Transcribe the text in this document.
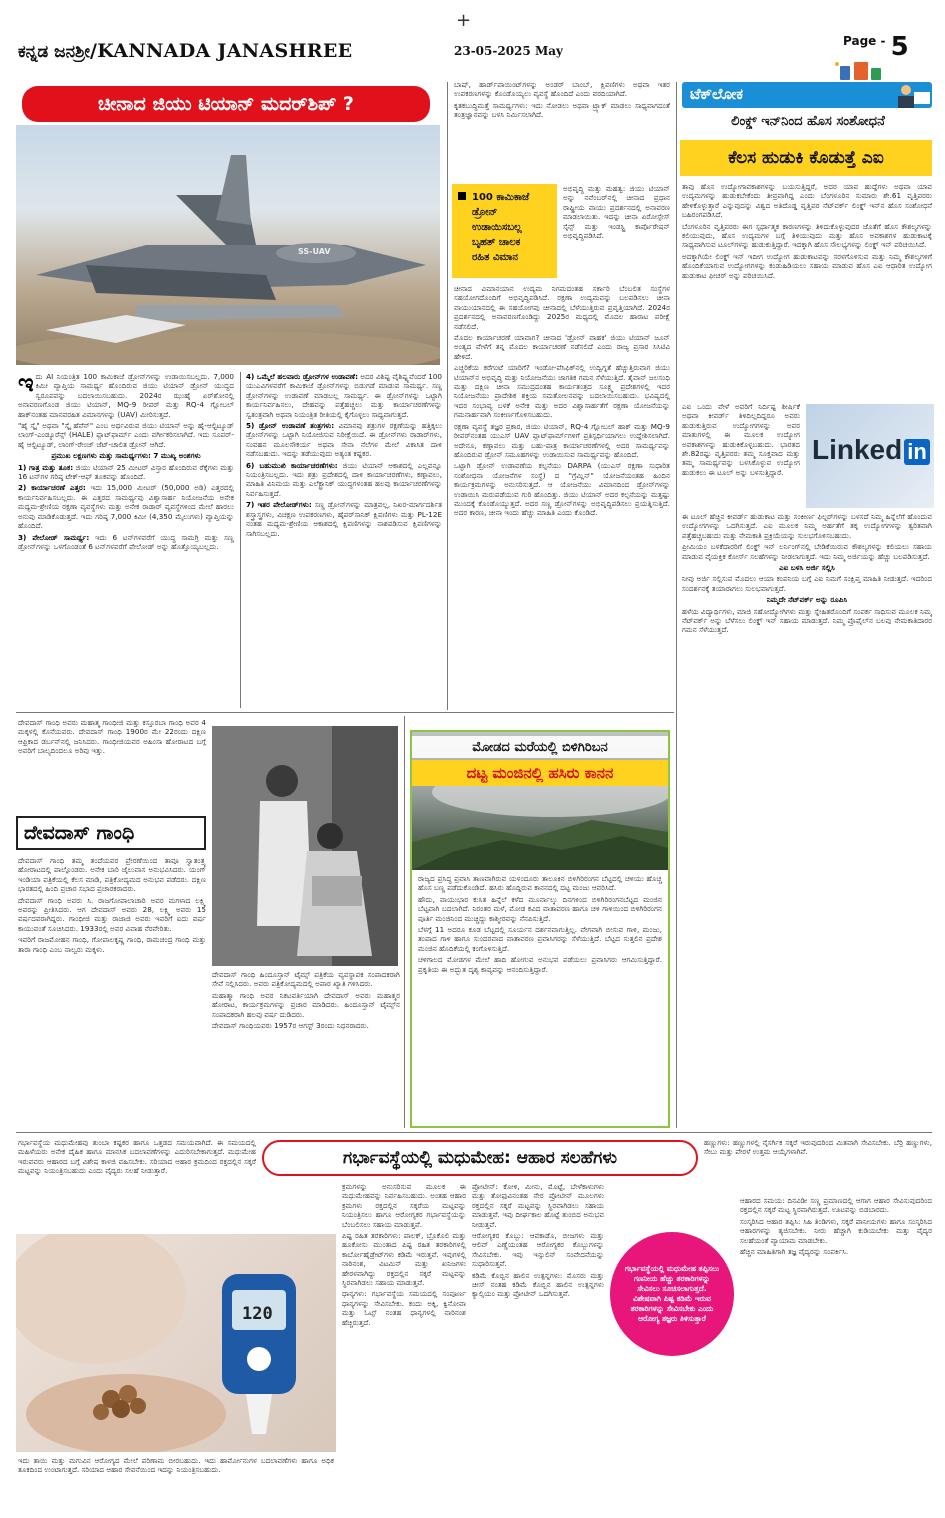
+
ಕನ್ನಡ ಜನಶ್ರೀ/KANNADA JANASHREE	23-05-2025 May
$^{Page -}$ 5
ಚೀನಾದ ಜಿಯು ಟಿಯಾನ್ ಮದರ್‌ಶಿಪ್ ?
SS-UAV

ಇದು AI ನಿಯಂತ್ರಿತ 100 ಕಾಮಿಕಾಜೆ ಡ್ರೋನ್‌ಗಳನ್ನು ಉಡಾಯಿಸಬಲ್ಲದು. 7,000 ಕಿಮೀ ವ್ಯಾಪ್ತಿಯ ಸಾಮರ್ಥ್ಯ ಹೊಂದಿರುವ ಜಿಯು ಟಿಯಾನ್ ಡ್ರೋನ್ ಯುದ್ಧದ ಸ್ವರೂಪವನ್ನು ಬದಲಾಯಿಸಬಹುದು. 2024ರ ಝುಹೈ ಏರ್‌ಶೋನಲ್ಲಿ ಅನಾವರಣಗೊಂಡ ಜಿಯು ಟಿಯಾನ್, MQ-9 ರೀಪರ್ ಮತ್ತು RQ-4 ಗ್ಲೋಬಲ್ ಹಾಕ್‌ನಂತಹ ಮಾನವರಹಿತ ವಿಮಾನಗಳನ್ನು (UAV) ಮೀರಿಸುತ್ತದೆ.

"ಹೈ ಸ್ಕೈ" ಅಥವಾ "ಸ್ಕೈ ಹೆವೆನ್" ಎಂಬ ಅರ್ಥವಿರುವ ಜಿಯು ಟಿಯಾನ್ ಅನ್ನು ಹೈ-ಆಲ್ಟಿಟ್ಯೂಡ್ ಲಾಂಗ್-ಎಂಡ್ಯೂರೆನ್ಸ್ (HALE) ಪ್ಲಾಟ್‌ಫಾರ್ಮ್ ಎಂದು ವರ್ಗೀಕರಿಸಲಾಗಿದೆ. ಇದು ಸೂಪರ್-ಹೈ ಆಲ್ಟಿಟ್ಯೂಡ್, ಲಾಂಗ್-ರೇಂಜ್ ಜೆಟ್-ಚಾಲಿತ ಡ್ರೋನ್ ಆಗಿದೆ.

ಪ್ರಮುಖ ಲಕ್ಷಣಗಳು ಮತ್ತು ಸಾಮರ್ಥ್ಯಗಳು: 7 ಮುಖ್ಯ ಅಂಶಗಳು

1) ಗಾತ್ರ ಮತ್ತು ತೂಕ: ಜಿಯು ಟಿಯಾನ್ 25 ಮೀಟರ್ ವಿಸ್ತಾರ ಹೊಂದಿರುವ ರೆಕ್ಕೆಗಳು ಮತ್ತು 16 ಟನ್‌ಗಳ ಗರಿಷ್ಠ ಟೇಕ್-ಆಫ್ ತೂಕವನ್ನು ಹೊಂದಿದೆ.

2) ಕಾರ್ಯಾಚರಣೆ ಎತ್ತರ: ಇದು 15,000 ಮೀಟರ್ (50,000 ಅಡಿ) ಎತ್ತರದಲ್ಲಿ ಕಾರ್ಯನಿರ್ವಹಿಸಬಲ್ಲದು. ಈ ಎತ್ತರದ ಸಾಮರ್ಥ್ಯವು ವಿಶ್ವಾಸಾರ್ಹ ನಿಯೋಜನೆಯ ಅನೇಕ ಮಧ್ಯಮ-ಶ್ರೇಣಿಯ ರಕ್ಷಣಾ ವ್ಯವಸ್ಥೆಗಳು ಮತ್ತು ಅನೇಕ ರಾಡಾರ್ ವ್ಯವಸ್ಥೆಗಳಿಂದ ಮೇಲೆ ಹಾರಲು ಅನುವು ಮಾಡಿಕೊಡುತ್ತದೆ. ಇದು ಗರಿಷ್ಠ 7,000 ಕಿಮೀ (4,350 ಮೈಲುಗಳು) ವ್ಯಾಪ್ತಿಯನ್ನು ಹೊಂದಿದೆ.

3) ಪೇಲೋಡ್ ಸಾಮರ್ಥ್ಯ: ಇದು 6 ಟನ್‌ಗಳವರೆಗೆ ಯುದ್ಧ ಸಾಮಗ್ರಿ ಮತ್ತು ಸಣ್ಣ ಡ್ರೋನ್‌ಗಳನ್ನು ಒಳಗೊಂಡಂತೆ 6 ಟನ್‌ಗಳವರೆಗೆ ಪೇಲೋಡ್ ಅನ್ನು ಹೊತ್ತೊಯ್ಯಬಲ್ಲದು.

4) ಒಮ್ಮೆಲೆ ಹಲವಾರು ಡ್ರೋನ್‌ಗಳ ಉಡಾವಣೆ: ಅದರ ವಿಶಿಷ್ಟ ವೈಶಿಷ್ಟ್ಯವೆಂದರೆ 100 ಯುಎವಿಗಳವರೆಗೆ ಕಾಮಿಕಾಜೆ ಡ್ರೋನ್‌ಗಳನ್ನು ಬಿಡುಗಡೆ ಮಾಡುವ ಸಾಮರ್ಥ್ಯ. ಸಣ್ಣ ಡ್ರೋನ್‌ಗಳನ್ನು ಉಡಾವಣೆ ಮಾಡಬಲ್ಲ ಸಾಮರ್ಥ್ಯ. ಈ ಡ್ರೋನ್‌ಗಳನ್ನು ಒಟ್ಟಾಗಿ ಕಾರ್ಯನಿರ್ವಹಿಸಲು, ದೇಹವನ್ನು ಪತ್ತೆಹಚ್ಚಲು ಮತ್ತು ಕಾರ್ಯಾಚರಣೆಗಳನ್ನು ಸ್ವತಂತ್ರವಾಗಿ ಅಥವಾ ನಿಯಂತ್ರಿತ ರೀತಿಯಲ್ಲಿ ಕೈಗೊಳ್ಳಲು ಸಾಧ್ಯವಾಗುತ್ತದೆ.

5) ಡ್ರೋನ್ ಉಡಾವಣೆ ತಂತ್ರಗಳು: ವಿಮಾನವು ಶತ್ರುಗಳ ರಕ್ಷಣೆಯನ್ನು ಹತ್ತಿಕ್ಕಲು ಡ್ರೋನ್‌ಗಳನ್ನು ಒಟ್ಟಾಗಿ ನಿಯೋಜಿಸುವ ನಿರೀಕ್ಷೆಯಿದೆ. ಈ ಡ್ರೋನ್‌ಗಳು ರಾಡಾರ್‌ಗಳು, ಸಂವಹನ ಮೂಲಸೌಕರ್ಯ ಅಥವಾ ಸೇನಾ ನೆಲೆಗಳ ಮೇಲೆ ವಿಕಾಸಿತ ದಾಳಿ ನಡೆಸಬಹುದು. ಇದನ್ನು ತಡೆಯುವುದು ಅತ್ಯಂತ ಕಷ್ಟಕರ.

6) ಬಹುಮುಖಿ ಕಾರ್ಯಾಚರಣೆಗಳು: ಜಿಯು ಟಿಯಾನ್ ಆಕಾಶದಲ್ಲಿ ಎಲ್ಲವನ್ನೂ ನಿಯಂತ್ರಿಸಬಲ್ಲದು. ಇದು ಶತ್ರು ಪ್ರದೇಶದಲ್ಲಿ ದಾಳಿ ಕಾರ್ಯಾಚರಣೆಗಳು, ಕಣ್ಗಾವಲು, ಮಾಹಿತಿ ವಿನಿಮಯ ಮತ್ತು ಎಲೆಕ್ಟ್ರಾನಿಕ್ ಯುದ್ಧಗಳಂತಹ ಹಲವು ಕಾರ್ಯಾಚರಣೆಗಳನ್ನು ನಿರ್ವಹಿಸುತ್ತದೆ.

7) ಇತರ ಪೇಲೋಡ್‌ಗಳು: ಸಣ್ಣ ಡ್ರೋನ್‌ಗಳನ್ನು ಮಾತ್ರವಲ್ಲ, ನಿಖರ-ಮಾರ್ಗದರ್ಶಿತ ಶಸ್ತ್ರಾಸ್ತ್ರಗಳು, ವಿಚಕ್ಷಣ ಉಪಕರಣಗಳು, ಹೈಪರ್‌ಸಾನಿಕ್ ಕ್ಷಿಪಣಿಗಳು ಮತ್ತು PL-12E ನಂತಹ ಮಧ್ಯಮ-ಶ್ರೇಣಿಯ ಆಕಾಶದಲ್ಲಿ ಕ್ಷಿಪಣಿಗಳನ್ನು ನಾಶಪಡಿಸುವ ಕ್ಷಿಪಣಿಗಳನ್ನು ಸಾಗಿಸಬಲ್ಲದು.

ಬಾಷ್, ಹಾರ್ಡ್‌ಪಾಯಿಂಟ್‌ಗಳನ್ನು ಅಂಡರ್ ಬಾಂಬ್, ಕ್ಷಿಪಣಿಗಳು ಅಥವಾ ಇತರ ಉಪಕರಣಗಳನ್ನು ಕೊಂಡೊಯ್ಯಲು ವ್ಯವಸ್ಥೆ ಹೊಂದಿದೆ ಎಂದು ವರದಿಯಾಗಿದೆ.

ಕೃತಕಬುದ್ಧಿಮತ್ತೆ ಸಾಮರ್ಥ್ಯಗಳು: ಇದು ನೋಡಲು ಅಥವಾ ಟ್ರ್ಯಾಕ್ ಮಾಡಲು ಸಾಧ್ಯವಾಗದಂತೆ ತಂತ್ರಜ್ಞಾನವನ್ನು ಬಳಸಿ ನಿರ್ಮಿಸಲಾಗಿದೆ.

100 ಕಾಮಿಕಾಜೆ
ಡ್ರೋನ್
ಉಡಾಯಿಸಬಲ್ಲ
ಬೃಹತ್ ಚಾಲಕ
ರಹಿತ ವಿಮಾನ

ಅಭಿವೃದ್ಧಿ ಮತ್ತು ಮಹತ್ವ: ಜಿಯು ಟಿಯಾನ್ ಅನ್ನು ನವೆಂಬರ್‌ನಲ್ಲಿ ಚೀನಾದ ಪ್ರಧಾನ ರಾಷ್ಟ್ರೀಯ ವಾಯು ಪ್ರದರ್ಶನದಲ್ಲಿ ಅನಾವರಣ ಮಾಡಲಾಯಿತು. ಇದನ್ನು ಚೀನಾ ಏರೋಸ್ಪೇಸ್ ಸೈನ್ಸ್ ಮತ್ತು ಇಂಡಸ್ಟ್ರಿ ಕಾರ್ಪೊರೇಷನ್ ಅಭಿವೃದ್ಧಿಪಡಿಸಿದೆ.

ಚೀನಾದ ವಿಮಾನಯಾನ ಉದ್ಯಮ ನಿಗಮದಂತಹ ಸರ್ಕಾರಿ ಬೆಂಬಲಿತ ಸಂಸ್ಥೆಗಳ ಸಹಯೋಗದೊಂದಿಗೆ ಅಭಿವೃದ್ಧಿಪಡಿಸಿದೆ. ರಕ್ಷಣಾ ಉದ್ಯಮವನ್ನು ಬಲಪಡಿಸಲು ಚೀನಾ ವಾಯುಯಾನದಲ್ಲಿ ಈ ಸಹಯೋಗವು ಚೀನಾದಲ್ಲಿ ಬೆಳೆಯುತ್ತಿರುವ ಪ್ರವೃತ್ತಿಯಾಗಿದೆ. 2024ರ ಪ್ರದರ್ಶನದಲ್ಲಿ ಅನಾವರಣಗೊಂಡಿದ್ದು 2025ರ ಮಧ್ಯದಲ್ಲಿ ಮೊದಲ ಹಾರಾಟ ಪರೀಕ್ಷೆ ನಡೆಸಲಿದೆ.

ಮೊದಲ ಕಾರ್ಯಾಚರಣೆ ಯಾವಾಗ? ಚೀನಾದ 'ಡ್ರೋನ್ ವಾಹಕ' ಜಿಯು ಟಿಯಾನ್ ಜೂನ್ ಅಂತ್ಯದ ವೇಳೆಗೆ ತನ್ನ ಮೊದಲ ಕಾರ್ಯಾಚರಣೆ ನಡೆಸಲಿದೆ ಎಂದು ರಾಜ್ಯ ಪ್ರಸಾರ ಸಿಸಿಟಿವಿ ಹೇಳಿದೆ.

ಎಚ್ಚರಿಕೆಯ ಕರೆಗಂಟೆ ಯಾರಿಗೆ? ಇಂಡೋ-ಪೆಸಿಫಿಕ್‌ನಲ್ಲಿ ಉದ್ವಿಗ್ನತೆ ಹೆಚ್ಚುತ್ತಿರುವಾಗ ಜಿಯು ಟಿಯಾನ್‌ನ ಅಭಿವೃದ್ಧಿ ಮತ್ತು ನಿಯೋಜನೆಯು ಜಾಗತಿಕ ಗಮನ ಸೆಳೆಯುತ್ತಿದೆ. ತೈವಾನ್ ಜಲಸಂಧಿ ಮತ್ತು ದಕ್ಷಿಣ ಚೀನಾ ಸಮುದ್ರದಂತಹ ಕಾರ್ಯತಂತ್ರದ ಸೂಕ್ಷ್ಮ ಪ್ರದೇಶಗಳಲ್ಲಿ ಇದರ ನಿಯೋಜನೆಯು ಪ್ರಾದೇಶಿಕ ಶಕ್ತಿಯ ಸಮತೋಲನವನ್ನು ಬದಲಾಯಿಸಬಹುದು. ಭವಿಷ್ಯದಲ್ಲಿ ಇದರ ಸಂಭಾವ್ಯ ಬಳಕೆ ಅನೇಕ ಮತ್ತು ಅದರ ವಿಶ್ವಾಸಾರ್ಹತೆಗೆ ರಕ್ಷಣಾ ಯೋಜನೆಯನ್ನು ಗಮನಾರ್ಹವಾಗಿ ಸಂಕೀರ್ಣಗೊಳಿಸಬಹುದು.

ರಕ್ಷಣಾ ವ್ಯವಸ್ಥೆ ತಜ್ಞರ ಪ್ರಕಾರ, ಜಿಯು ಟಿಯಾನ್, RQ-4 ಗ್ಲೋಬಲ್ ಹಾಕ್ ಮತ್ತು MQ-9 ರೀಪರ್‌ನಂತಹ ಯುಎಸ್ UAV ಪ್ಲಾಟ್‌ಫಾರ್ಮ್‌ಗಳಿಗೆ ಪ್ರತಿಸ್ಪರ್ಧಿಯಾಗಲು ಉದ್ದೇಶಿಸಲಾಗಿದೆ. ಅದೇನೂ, ಕಣ್ಗಾವಲು ಮತ್ತು ಬಹು-ಪಾತ್ರ ಕಾರ್ಯಾಚರಣೆಗಳಲ್ಲಿ ಅದರ ಸಾಮರ್ಥ್ಯವನ್ನು ಹೊಂದಿರುವ ಡ್ರೋನ್ ಸಮೂಹಗಳನ್ನು ಉಡಾಯಿಸುವ ಸಾಮರ್ಥ್ಯವನ್ನು ಹೊಂದಿದೆ.

ಒಟ್ಟಾಗಿ ಡ್ರೋನ್ ಉಡಾವಣೆಯ ಕಲ್ಪನೆಯು DARPA (ಯುಎಸ್ ರಕ್ಷಣಾ ಸುಧಾರಿತ ಸಂಶೋಧನಾ ಯೋಜನೆಗಳ ಸಂಸ್ಥೆ) ದ "ಗ್ರೆಮ್ಲಿನ್" ಯೋಜನೆಯಂತಹ ಹಿಂದಿನ ಕಾರ್ಯಕ್ರಮಗಳನ್ನು ಅನುಸರಿಸುತ್ತದೆ. ಆ ಯೋಜನೆಯು ವಿಮಾನದಿಂದ ಡ್ರೋನ್‌ಗಳನ್ನು ಉಡಾಯಿಸಿ ಮರುಪಡೆಯುವ ಗುರಿ ಹೊಂದಿತ್ತು. ಜಿಯು ಟಿಯಾನ್ ಅದರ ಕಲ್ಪನೆಯನ್ನು ಮತ್ತಷ್ಟು ಮುಂದಕ್ಕೆ ಕೊಂಡೊಯ್ಯುತ್ತದೆ. ಅದರ ಸಣ್ಣ ಡ್ರೋನ್‌ಗಳನ್ನು ಅಭಿವೃದ್ಧಿಪಡಿಸಲು ಪ್ರಯತ್ನಿಸುತ್ತಿದೆ. ಅದರ ಕಾರಣ, ಚೀನಾ ಇಂದು ಹೆಚ್ಚು ಮಾಹಿತಿ ಎಂದು ಕೊಂಡಿದೆ.

ಟೆಕ್‌ಲೋಕ
ಲಿಂಕ್ಡ್ ಇನ್‌ನಿಂದ ಹೊಸ ಸಂಶೋಧನೆ
ಕೆಲಸ ಹುಡುಕಿ ಕೊಡುತ್ತೆ ಎಐ

ತಾವು ಹೊಸ ಉದ್ಯೋಗಾವಕಾಶಗಳನ್ನು ಬಯಸುತ್ತಿದ್ದರೆ, ಅದರ ಯಾವ ಹುದ್ದೆಗಳು ಅಥವಾ ಯಾವ ಉದ್ಯಮಗಳನ್ನು ಹುಡುಕಬೇಕೆಂದು ತೀವ್ರವಾಗಿದ್ದ ಎಂದು ಬೆಂಗಳೂರಿನ ಸುಮಾರು ಶೇ.61 ವೃತ್ತಿಪರರು ಹೇಳಿಕೊಳ್ಳುತ್ತಾರೆ ಎನ್ನುವುದನ್ನು ವಿಶ್ವದ ಅತಿದೊಡ್ಡ ವೃತ್ತಿಪರ ನೆಟ್‌ವರ್ಕ್ ಲಿಂಕ್ಡ್ ಇನ್‌ನ ಹೊಸ ಸಂಶೋಧನೆ ಬಹಿರಂಗಪಡಿಸಿದೆ.

ಬೆಂಗಳೂರಿನ ವೃತ್ತಿಪರರು ಈಗ ಸ್ಪರ್ಧಾತ್ಮಕ ಕಾರಣಗಳನ್ನು ತಿಳಿದುಕೊಳ್ಳುವುದರ ಜೊತೆಗೆ ಹೊಸ ಕೌಶಲ್ಯಗಳನ್ನು ಕಲಿಯುವುದು, ಹೊಸ ಉದ್ಯಮಗಳ ಬಗ್ಗೆ ತಿಳಿಯುವುದು ಮತ್ತು ಹೊಸ ಅವಕಾಶಗಳ ಹುಡುಕಾಟಕ್ಕೆ ಸಾಧ್ಯವಾಗಿಸುವ ಟೂಲ್‌ಗಳನ್ನು ಹುಡುಕುತ್ತಿದ್ದಾರೆ. ಇದಕ್ಕಾಗಿ ಹೊಸ ಸೌಲಭ್ಯಗಳನ್ನು ಲಿಂಕ್ಡ್ ಇನ್ ಪರಿಚಯಿಸಿದೆ.

ಅದಕ್ಕಾಗಿಯೇ ಲಿಂಕ್ಡ್ ಇನ್ ಇದೀಗ ಉದ್ಯೋಗ ಹುಡುಕಾಟವನ್ನು ಸರಳಗೊಳಿಸುವ ಮತ್ತು ನಿಮ್ಮ ಕೌಶಲ್ಯಗಳಿಗೆ ಹೊಂದಿಕೆಯಾಗುವ ಉದ್ಯೋಗಗಳನ್ನು ಕಂಡುಹಿಡಿಯಲು ಸಹಾಯ ಮಾಡುವ ಹೊಸ ಎಐ ಆಧಾರಿತ ಉದ್ಯೋಗ ಹುಡುಕಾಟ ಫೀಚರ್ ಅನ್ನು ಪರಿಚಯಿಸಿದೆ.

ಎಐ ಒಂದು ವೇಳೆ ಅವರಿಗೆ ನಿರ್ದಿಷ್ಟ ಶೀರ್ಷಿಕೆ ಅಥವಾ ಕೀವರ್ಡ್ ತಿಳಿದಿಲ್ಲದಿದ್ದರೂ ಅವರು ಹುಡುಕುತ್ತಿರುವ ಉದ್ಯೋಗಗಳನ್ನು ಅವರ ಮಾತುಗಳಲ್ಲಿ ಈ ಮೂಲಕ ಉದ್ಯೋಗ ಅವಕಾಶಗಳನ್ನು ಹುಡುಕಿಕೊಳ್ಳಬಹುದು. ಭಾರತದ ಶೇ.82ರಷ್ಟು ವೃತ್ತಿಪರರು ತಮ್ಮ ಸೂಕ್ತವಾದ ಮತ್ತು ತಮ್ಮ ಸಾಮರ್ಥ್ಯವನ್ನು ಬಳಸಿಕೊಳ್ಳುವ ಉದ್ಯೋಗ ಹುಡುಕಲು ಈ ಟೂಲ್ ಅನ್ನು ಬಳಸುತ್ತಿದ್ದಾರೆ.

Linked in

ಈ ಟೂಲ್ ಹೆಚ್ಚಿನ ಕೀವರ್ಡ್ ಹುಡುಕಾಟ ಮತ್ತು ಸಂಕೀರ್ಣ ಫಿಲ್ಟರ್‌ಗಳನ್ನು ಬಳಸದೆ ನಿಮ್ಮ ಹಿನ್ನೆಲೆಗೆ ಹೊಂದುವ ಉದ್ಯೋಗಗಳನ್ನು ಒದಗಿಸುತ್ತದೆ. ಎಐ ಮೂಲಕ ನಿಮ್ಮ ಅರ್ಹತೆಗೆ ತಕ್ಕ ಉದ್ಯೋಗಗಳನ್ನು ತ್ವರಿತವಾಗಿ ಪತ್ತೆಹಚ್ಚಬಹುದು ಮತ್ತು ನೇಮಕಾತಿ ಪ್ರಕ್ರಿಯೆಯನ್ನು ಸುಲಭಗೊಳಿಸಬಹುದು.

ಪ್ರೀಮಿಯಂ ಬಳಕೆದಾರರಿಗೆ ಲಿಂಕ್ಡ್ ಇನ್ ಲರ್ನಿಂಗ್‌ನಲ್ಲಿ ಬೇಡಿಕೆಯಿರುವ ಕೌಶಲ್ಯಗಳನ್ನು ಕಲಿಯಲು ಸಹಾಯ ಮಾಡುವ ವೈಯಕ್ತಿಕ ಕೋರ್ಸ್ ಸಲಹೆಗಳನ್ನು ನೀಡಲಾಗುತ್ತದೆ. ಇದು ನಿಮ್ಮ ಅರ್ಜಿಯನ್ನು ಹೆಚ್ಚು ಬಲಪಡಿಸುತ್ತದೆ.

ಎಐ ಬಳಸಿ ಅರ್ಜಿ ಸಲ್ಲಿಸಿ

ನೀವು ಅರ್ಜಿ ಸಲ್ಲಿಸುವ ಮೊದಲು ಆಯಾ ಕಂಪನಿಯ ಬಗ್ಗೆ ಎಐ ನಿಮಗೆ ಸಂಕ್ಷಿಪ್ತ ಮಾಹಿತಿ ನೀಡುತ್ತದೆ. ಇದರಿಂದ ಸಂದರ್ಶನಕ್ಕೆ ತಯಾರಾಗಲು ಸುಲಭವಾಗುತ್ತದೆ.

ನಿಮ್ಮದೇ ನೆಟ್‌ವರ್ಕ್ ಅನ್ನು ರೂಪಿಸಿ

ಹಳೆಯ ವಿದ್ಯಾರ್ಥಿಗಳು, ಮಾಜಿ ಸಹೋದ್ಯೋಗಿಗಳು ಮತ್ತು ಸ್ನೇಹಿತರೊಂದಿಗೆ ಸಂಪರ್ಕ ಸಾಧಿಸುವ ಮೂಲಕ ನಿಮ್ಮ ನೆಟ್‌ವರ್ಕ್ ಅನ್ನು ಬೆಳೆಸಲು ಲಿಂಕ್ಡ್ ಇನ್ ಸಹಾಯ ಮಾಡುತ್ತದೆ. ನಿಮ್ಮ ಪ್ರೊಫೈಲ್‌ನ ಬಲವು ನೇಮಕಾತಿದಾರರ ಗಮನ ಸೆಳೆಯುತ್ತದೆ.

ದೇವದಾಸ್ ಗಾಂಧಿ ಅವರು ಮಹಾತ್ಮ ಗಾಂಧೀಜಿ ಮತ್ತು ಕಸ್ತೂರಬಾ ಗಾಂಧಿ ಅವರ 4 ಮಕ್ಕಳಲ್ಲಿ ಕೊನೆಯವರು. ದೇವದಾಸ್ ಗಾಂಧಿ 1900ರ ಮೇ 22ರಂದು ದಕ್ಷಿಣ ಆಫ್ರಿಕಾದ ಡರ್ಬನ್‌ನಲ್ಲಿ ಜನಿಸಿದರು. ಗಾಂಧೀಜಿಯವರ ಅಹಿಂಸಾ ಹೋರಾಟದ ಬಗ್ಗೆ ಅವರಿಗೆ ಬಾಲ್ಯದಿಂದಲೂ ಅರಿವು ಇತ್ತು.

ದೇವದಾಸ್ ಗಾಂಧಿ

ದೇವದಾಸ್ ಗಾಂಧಿ ತಮ್ಮ ತಂದೆಯವರ ಪ್ರೇರಣೆಯಿಂದ ತಾವೂ ಸ್ವಾತಂತ್ರ್ಯ ಹೋರಾಟದಲ್ಲಿ ಪಾಲ್ಗೊಂಡರು. ಅನೇಕ ಬಾರಿ ಜೈಲುವಾಸ ಅನುಭವಿಸಿದರು. ಯಂಗ್ ಇಂಡಿಯಾ ಪತ್ರಿಕೆಯಲ್ಲಿ ಕೆಲಸ ಮಾಡಿ, ಪತ್ರಿಕೋದ್ಯಮದ ಅನುಭವ ಪಡೆದರು. ದಕ್ಷಿಣ ಭಾರತದಲ್ಲಿ ಹಿಂದಿ ಪ್ರಚಾರ ಸಭಾದ ಪ್ರಚಾರಕರಾದರು.

ದೇವದಾಸ್ ಗಾಂಧಿ ಅವರು ಸಿ. ರಾಜಗೋಪಾಲಾಚಾರಿ ಅವರ ಮಗಳಾದ ಲಕ್ಷ್ಮಿ ಅವರನ್ನು ಪ್ರೀತಿಸಿದರು. ಆಗ ದೇವದಾಸ್ ಅವರು 28, ಲಕ್ಷ್ಮಿ ಅವರು 15 ವರ್ಷದವರಾಗಿದ್ದರು. ಗಾಂಧೀಜಿ ಮತ್ತು ರಾಜಾಜಿ ಅವರು ಇವರಿಗೆ ಐದು ವರ್ಷ ಕಾಯುವಂತೆ ಸೂಚಿಸಿದರು. 1933ರಲ್ಲಿ ಅವರ ವಿವಾಹ ನೆರವೇರಿತು.

ಇವರಿಗೆ ರಾಜಮೋಹನ ಗಾಂಧಿ, ಗೋಪಾಲಕೃಷ್ಣ ಗಾಂಧಿ, ರಾಮಚಂದ್ರ ಗಾಂಧಿ ಮತ್ತು ತಾರಾ ಗಾಂಧಿ ಎಂಬ ನಾಲ್ವರು ಮಕ್ಕಳು.

ದೇವದಾಸ್ ಗಾಂಧಿ ಹಿಂದೂಸ್ತಾನ್ ಟೈಮ್ಸ್ ಪತ್ರಿಕೆಯ ವ್ಯವಸ್ಥಾಪಕ ಸಂಪಾದಕರಾಗಿ ಸೇವೆ ಸಲ್ಲಿಸಿದರು. ಅವರು ಪತ್ರಿಕೋದ್ಯಮದಲ್ಲಿ ಅಪಾರ ಖ್ಯಾತಿ ಗಳಿಸಿದರು.

ಮಹಾತ್ಮಾ ಗಾಂಧಿ ಅವರ ನಿಕಟವರ್ತಿಯಾಗಿ ದೇವದಾಸ್ ಅವರು ಮಹಾತ್ಮರ ಹೋರಾಟ, ಕಾರ್ಯಕ್ರಮಗಳನ್ನು ಪ್ರಚಾರ ಮಾಡಿದರು. ಹಿಂದೂಸ್ತಾನ್ ಟೈಮ್ಸ್‌ನ ಸಂಪಾದಕರಾಗಿ ಹಲವು ವರ್ಷ ದುಡಿದರು.

ದೇವದಾಸ್ ಗಾಂಧಿಯವರು 1957ರ ಆಗಸ್ಟ್ 3ರಂದು ನಿಧನರಾದರು.

ಮೋಡದ ಮರೆಯಲ್ಲಿ ಬಿಳಿಗಿರಿಬನ
ದಟ್ಟ ಮಂಜಿನಲ್ಲಿ ಹಸಿರು ಕಾನನ

ರಾಜ್ಯದ ಪ್ರಸಿದ್ಧ ಪ್ರವಾಸಿ ತಾಣವಾಗಿರುವ ಯಳಂದೂರು ತಾಲೂಕಿನ ಬಿಳಿಗಿರಿರಂಗನ ಬೆಟ್ಟದಲ್ಲಿ ಚಳಿಯು ಹೊಚ್ಚ ಹೊಸ ಬಣ್ಣ ಪಡೆದುಕೊಂಡಿದೆ. ಹಸಿರು ಹೊದ್ದಿರುವ ಕಾನನದಲ್ಲಿ ದಟ್ಟ ಮಂಜು ಆವರಿಸಿದೆ.

ಹೌದು, ವಾಯುಭಾರ ಕುಸಿತ ಹಿನ್ನೆಲೆ ಕಳೆದ ಮೂರ್ನಾಲ್ಕು ದಿನಗಳಿಂದ ಬಿಳಿಗಿರಿರಂಗನಬೆಟ್ಟದ ಮಂಜಿನ ಬೆಟ್ಟವಾಗಿ ಬದಲಾಗಿದೆ. ನಿರಂತರ ಮಳೆ, ಮೋಡ ಕವಿದ ವಾತಾವರಣ ಹಾಗೂ ಚಳಿ ಗಾಳಿಯಿಂದ ಬಿಳಿಗಿರಿರಂಗನ ಪೂರ್ತಿ ಮಂಜಿನಿಂದ ಮುಚ್ಚಿದ್ದು ಕಾಶ್ಮೀರವನ್ನು ನೆನಪಿಸುತ್ತಿದೆ.

ಬೆಳಗ್ಗೆ 11 ಅದರೂ ಕೂಡ ಬೆಟ್ಟದಲ್ಲಿ ಸೂರ್ಯನ ದರ್ಶನವಾಗುತ್ತಿಲ್ಲ. ವೇಗವಾಗಿ ಬೀಸುವ ಗಾಳಿ, ಮಂಜು, ತಂಪಾದ ಗಾಳಿ ಹಾಗೂ ಸುಂದರವಾದ ವಾತಾವರಣ ಪ್ರವಾಸಿಗರನ್ನು ಸೆಳೆಯುತ್ತಿದೆ. ಬೆಟ್ಟದ ಸುತ್ತಲಿನ ಪ್ರದೇಶ ಮಂಜಿನ ಹೊದಿಕೆಯಲ್ಲಿ ಕಂಗೊಳಿಸುತ್ತಿದೆ.

ಚಳಿಗಾಲದ ಮೋಡಗಳ ಮೇಲೆ ಹಾದಿ ಹೋಗುವ ಅನುಭವ ಪಡೆಯಲು ಪ್ರವಾಸಿಗರು ಆಗಮಿಸುತ್ತಿದ್ದಾರೆ. ಪ್ರಕೃತಿಯ ಈ ಅದ್ಭುತ ದೃಶ್ಯ ಕಾವ್ಯವನ್ನು ಆನಂದಿಸುತ್ತಿದ್ದಾರೆ.

ಗರ್ಭಾವಸ್ಥೆಯ ಮಧುಮೇಹವು ತುಂಬಾ ಕಷ್ಟಕರ ಹಾಗೂ ಒತ್ತಡದ ಸಮಯವಾಗಿದೆ. ಈ ಸಮಯದಲ್ಲಿ ಮಹಿಳೆಯರು ಅನೇಕ ದೈಹಿಕ ಹಾಗೂ ಮಾನಸಿಕ ಬದಲಾವಣೆಗಳನ್ನು ಎದುರಿಸಬೇಕಾಗುತ್ತದೆ. ಮಧುಮೇಹ ಇರುವವರು ಆಹಾರದ ಬಗ್ಗೆ ವಿಶೇಷ ಕಾಳಜಿ ವಹಿಸಬೇಕು. ಸರಿಯಾದ ಆಹಾರ ಕ್ರಮದಿಂದ ರಕ್ತದಲ್ಲಿನ ಸಕ್ಕರೆ ಮಟ್ಟವನ್ನು ನಿಯಂತ್ರಿಸಬಹುದು ಎಂದು ವೈದ್ಯರು ಸಲಹೆ ನೀಡುತ್ತಾರೆ.

ಗರ್ಭಾವಸ್ಥೆಯಲ್ಲಿ ಮಧುಮೇಹ: ಆಹಾರ ಸಲಹೆಗಳು

ಹಣ್ಣುಗಳು: ಹಣ್ಣುಗಳಲ್ಲಿ ನೈಸರ್ಗಿಕ ಸಕ್ಕರೆ ಇರುವುದರಿಂದ ಮಿತವಾಗಿ ಸೇವಿಸಬೇಕು. ಬೆರ್ರಿ ಹಣ್ಣುಗಳು, ಸೇಬು ಮತ್ತು ಪೇರಳೆ ಉತ್ತಮ ಆಯ್ಕೆಗಳಾಗಿವೆ.

120

ಇದು ತಾಯಿ ಮತ್ತು ಮಗುವಿನ ಆರೋಗ್ಯದ ಮೇಲೆ ಪರಿಣಾಮ ಬೀರಬಹುದು. ಇದು ಹಾರ್ಮೋನುಗಳ ಬದಲಾವಣೆಗಳು ಹಾಗೂ ಅಧಿಕ ತೂಕದಿಂದ ಉಂಟಾಗುತ್ತದೆ. ಸರಿಯಾದ ಆಹಾರ ಸೇವನೆಯಿಂದ ಇದನ್ನು ನಿಯಂತ್ರಿಸಬಹುದು.

ಕ್ರಮಗಳನ್ನು ಅನುಸರಿಸುವ ಮೂಲಕ ಈ ಮಧುಮೇಹವನ್ನು ನಿರ್ವಹಿಸಬಹುದು. ಅಂತಹ ಆಹಾರ ಕ್ರಮಗಳು ರಕ್ತದಲ್ಲಿನ ಸಕ್ಕರೆಯ ಮಟ್ಟವನ್ನು ನಿಯಂತ್ರಿಸಲು ಹಾಗೂ ಆರೋಗ್ಯಕರ ಗರ್ಭಾವಸ್ಥೆಯನ್ನು ಬೆಂಬಲಿಸಲು ಸಹಾಯ ಮಾಡುತ್ತವೆ.

ಪಿಷ್ಟ ರಹಿತ ತರಕಾರಿಗಳು: ಪಾಲಕ್, ಬ್ರೊಕೊಲಿ ಮತ್ತು ಹೂಕೋಸು ಮುಂತಾದ ಪಿಷ್ಟ ರಹಿತ ತರಕಾರಿಗಳಲ್ಲಿ ಕಾರ್ಬೋಹೈಡ್ರೇಟ್‌ಗಳು ಕಡಿಮೆ ಇರುತ್ತವೆ. ಇವುಗಳಲ್ಲಿ ನಾರಿನಂಶ, ವಿಟಮಿನ್ ಮತ್ತು ಖನಿಜಗಳು ಹೇರಳವಾಗಿದ್ದು ರಕ್ತದಲ್ಲಿನ ಸಕ್ಕರೆ ಮಟ್ಟವನ್ನು ಸ್ಥಿರವಾಗಿಡಲು ಸಹಾಯ ಮಾಡುತ್ತವೆ.

ಧಾನ್ಯಗಳು: ಗರ್ಭಾವಸ್ಥೆಯ ಸಮಯದಲ್ಲಿ ಸಂಪೂರ್ಣ ಧಾನ್ಯಗಳನ್ನು ಸೇವಿಸಬೇಕು. ಕಂದು ಅಕ್ಕಿ, ಕ್ವಿನೋವಾ ಮತ್ತು ಓಟ್ಸ್ ನಂತಹ ಧಾನ್ಯಗಳಲ್ಲಿ ನಾರಿನಂಶ ಹೆಚ್ಚಿರುತ್ತದೆ.

ಪ್ರೋಟೀನ್: ಕೋಳಿ, ಮೀನು, ಮೊಟ್ಟೆ, ಬೇಳೆಕಾಳುಗಳು ಮತ್ತು ತೋಫುವಿನಂತಹ ನೇರ ಪ್ರೋಟೀನ್ ಮೂಲಗಳು ರಕ್ತದಲ್ಲಿನ ಸಕ್ಕರೆ ಮಟ್ಟವನ್ನು ಸ್ಥಿರವಾಗಿಡಲು ಸಹಾಯ ಮಾಡುತ್ತವೆ. ಇವು ದೀರ್ಘಕಾಲ ಹೊಟ್ಟೆ ತುಂಬಿದ ಅನುಭವ ನೀಡುತ್ತವೆ.

ಆರೋಗ್ಯಕರ ಕೊಬ್ಬು: ಆವಕಾಡೊ, ಬೀಜಗಳು ಮತ್ತು ಆಲಿವ್ ಎಣ್ಣೆಯಂತಹ ಆರೋಗ್ಯಕರ ಕೊಬ್ಬುಗಳನ್ನು ಸೇವಿಸಬೇಕು. ಇವು ಇನ್ಸುಲಿನ್ ಸಂವೇದನೆಯನ್ನು ಸುಧಾರಿಸುತ್ತವೆ.

ಕಡಿಮೆ ಕೊಬ್ಬಿನ ಹಾಲಿನ ಉತ್ಪನ್ನಗಳು: ಮೊಸರು ಮತ್ತು ಚೀಸ್ ನಂತಹ ಕಡಿಮೆ ಕೊಬ್ಬಿನ ಹಾಲಿನ ಉತ್ಪನ್ನಗಳು ಕ್ಯಾಲ್ಸಿಯಂ ಮತ್ತು ಪ್ರೋಟೀನ್ ಒದಗಿಸುತ್ತವೆ.

ಗರ್ಭಾವಸ್ಥೆಯಲ್ಲಿ ಮಧುಮೇಹ ತಪ್ಪಿಸಲು ಗಣನೀಯ ಹೆಚ್ಚು ತರಕಾರಿಗಳನ್ನು ಸೇವಿಸಲು ಸೂಚಿಸಲಾಗುತ್ತದೆ. ವಿಶೇಷವಾಗಿ ಪಿಷ್ಟ ಕಡಿಮೆ ಇರುವ ತರಕಾರಿಗಳನ್ನು ಸೇವಿಸಬೇಕು ಎಂದು ಆರೋಗ್ಯ ತಜ್ಞರು ತಿಳಿಸುತ್ತಾರೆ

ಆಹಾರದ ಸಮಯ: ದಿನವಿಡೀ ಸಣ್ಣ ಪ್ರಮಾಣದಲ್ಲಿ ಆಗಾಗ ಆಹಾರ ಸೇವಿಸುವುದರಿಂದ ರಕ್ತದಲ್ಲಿನ ಸಕ್ಕರೆ ಮಟ್ಟ ಸ್ಥಿರವಾಗಿರುತ್ತದೆ. ಊಟವನ್ನು ಬಿಡಬಾರದು.

ಸಂಸ್ಕರಿಸಿದ ಆಹಾರ ತಪ್ಪಿಸಿ: ಸಿಹಿ ತಿಂಡಿಗಳು, ಸಕ್ಕರೆ ಪಾನೀಯಗಳು ಹಾಗೂ ಸಂಸ್ಕರಿಸಿದ ಆಹಾರಗಳನ್ನು ತ್ಯಜಿಸಬೇಕು. ನೀರು ಹೆಚ್ಚಾಗಿ ಕುಡಿಯಬೇಕು ಮತ್ತು ವೈದ್ಯರ ಸಲಹೆಯಂತೆ ವ್ಯಾಯಾಮ ಮಾಡಬೇಕು.

ಹೆಚ್ಚಿನ ಮಾಹಿತಿಗಾಗಿ ತಜ್ಞ ವೈದ್ಯರನ್ನು ಸಂಪರ್ಕಿಸಿ.
